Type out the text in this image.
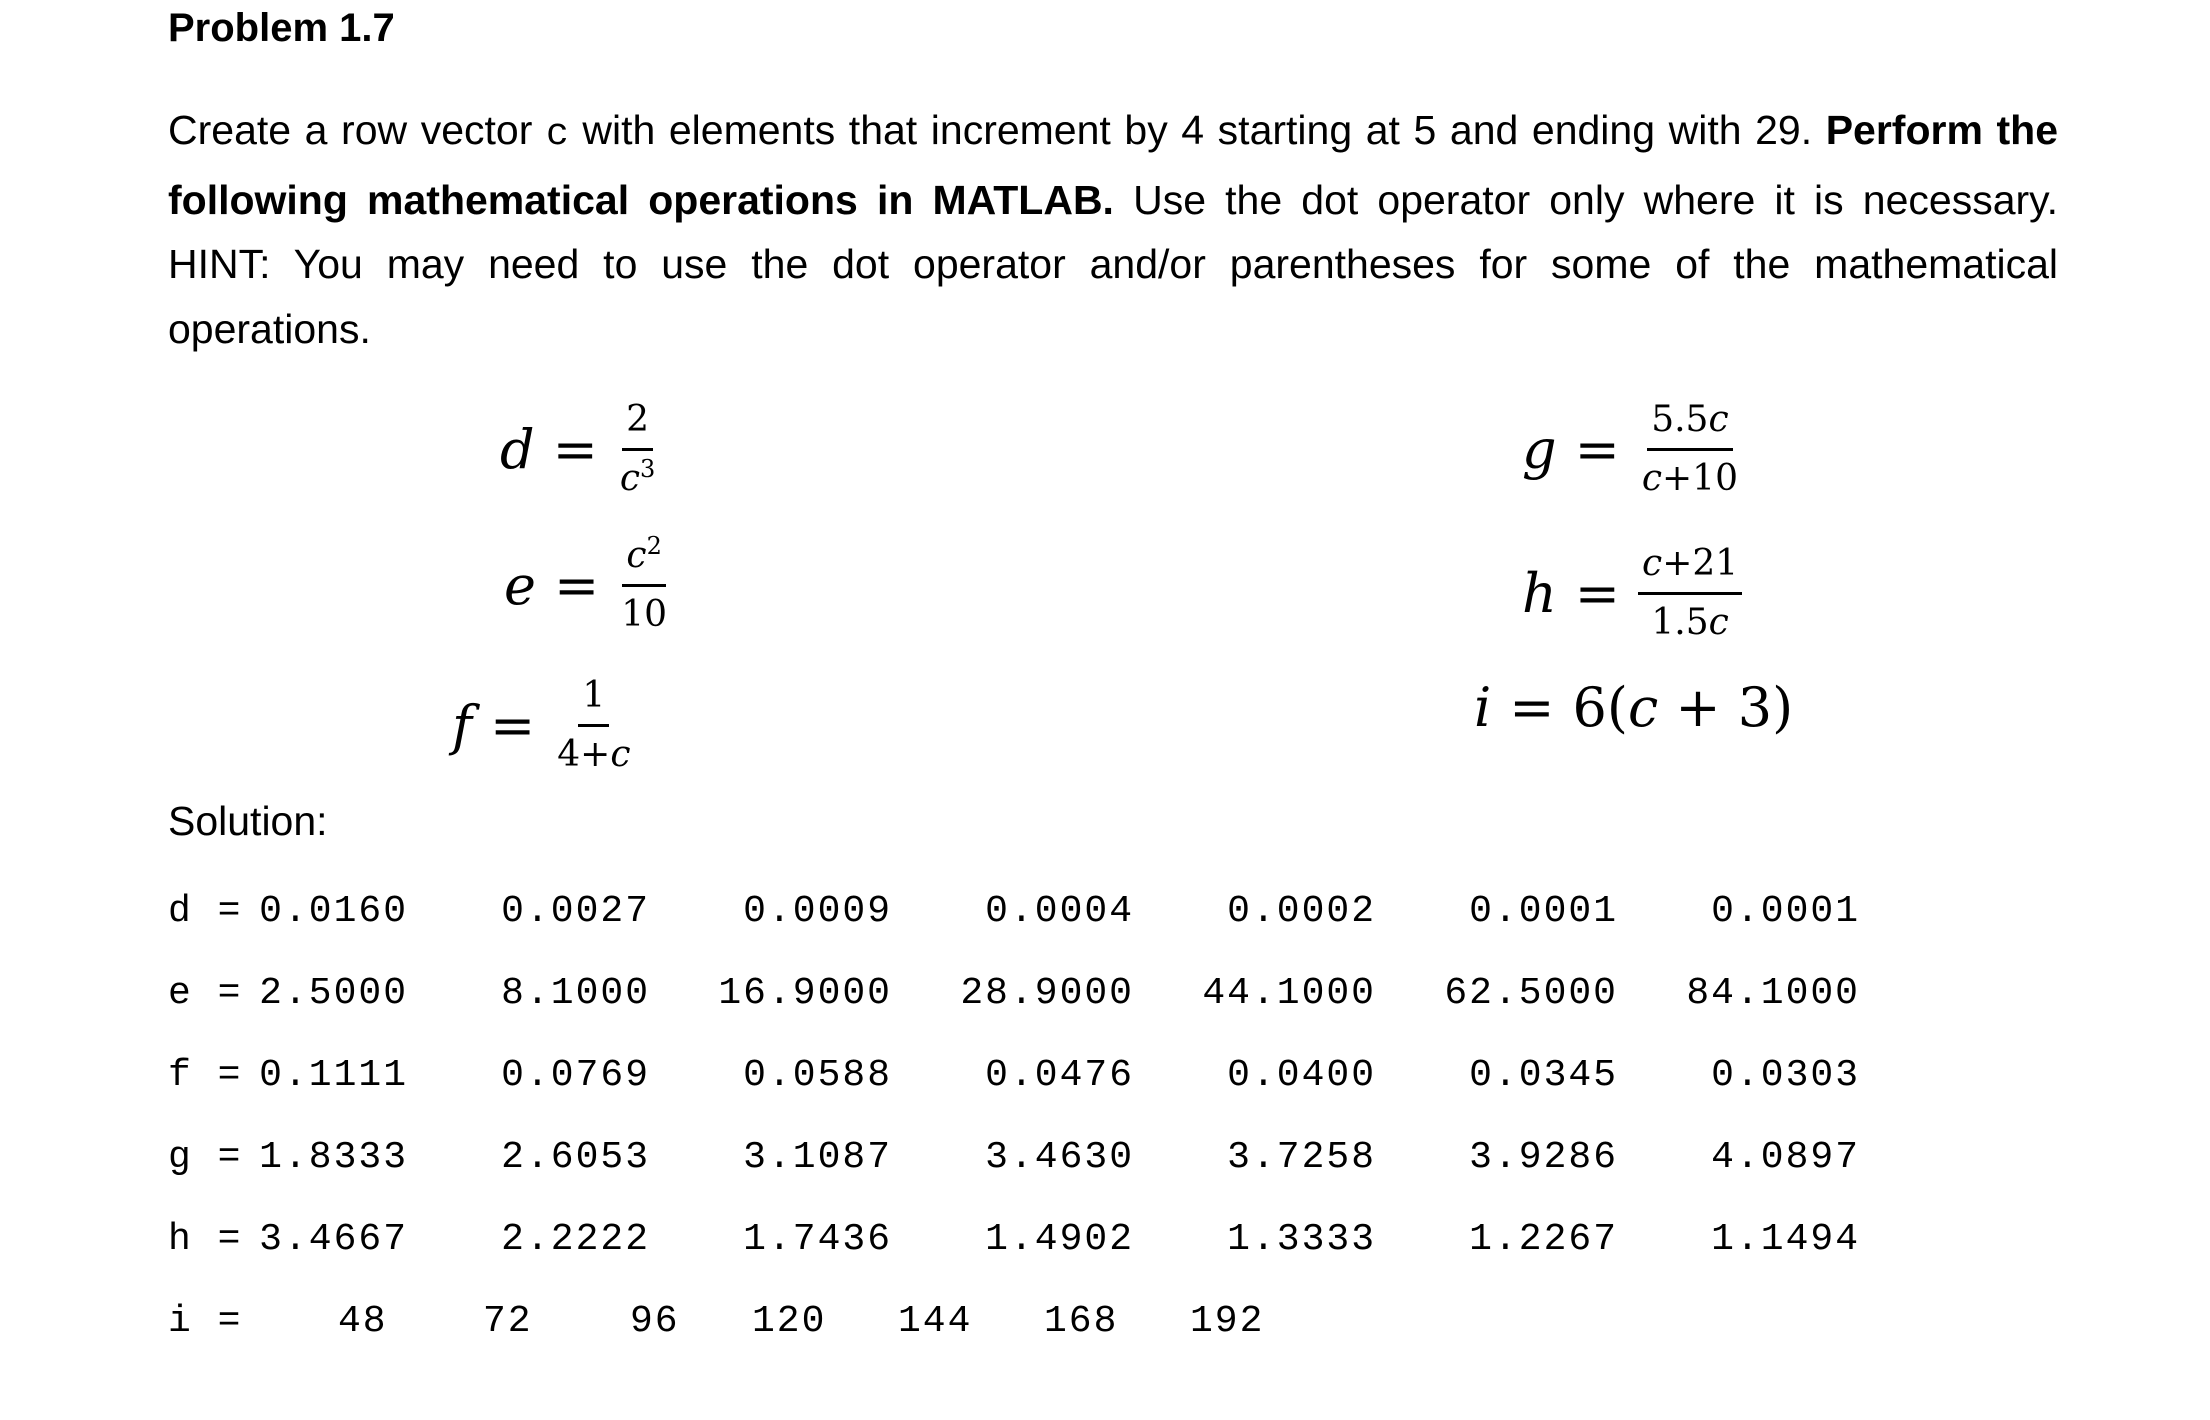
Problem 1.7
Create a row vector c with elements that increment by 4 starting at 5 and ending with 29. Perform the following mathematical operations in MATLAB. Use the dot operator only where it is necessary. HINT: You may need to use the dot operator and/or parentheses for some of the mathematical operations.
$d = \frac{2}{c^3}$
$e = \frac{c^2}{10}$
$f = \frac{1}{4+c}$
$g = \frac{5.5c}{c+10}$
$h = \frac{c+21}{1.5c}$
i = 6(c + 3)
Solution:
d = 0.0160	0.0027	0.0009	0.0004	0.0002	0.0001	0.0001
e = 2.5000	8.1000	16.9000	28.9000	44.1000	62.5000	84.1000
f = 0.1111	0.0769	0.0588	0.0476	0.0400	0.0345	0.0303
g = 1.8333	2.6053	3.1087	3.4630	3.7258	3.9286	4.0897
h = 3.4667	2.2222	1.7436	1.4902	1.3333	1.2267	1.1494
i =	48	72	96 120 144 168 192
